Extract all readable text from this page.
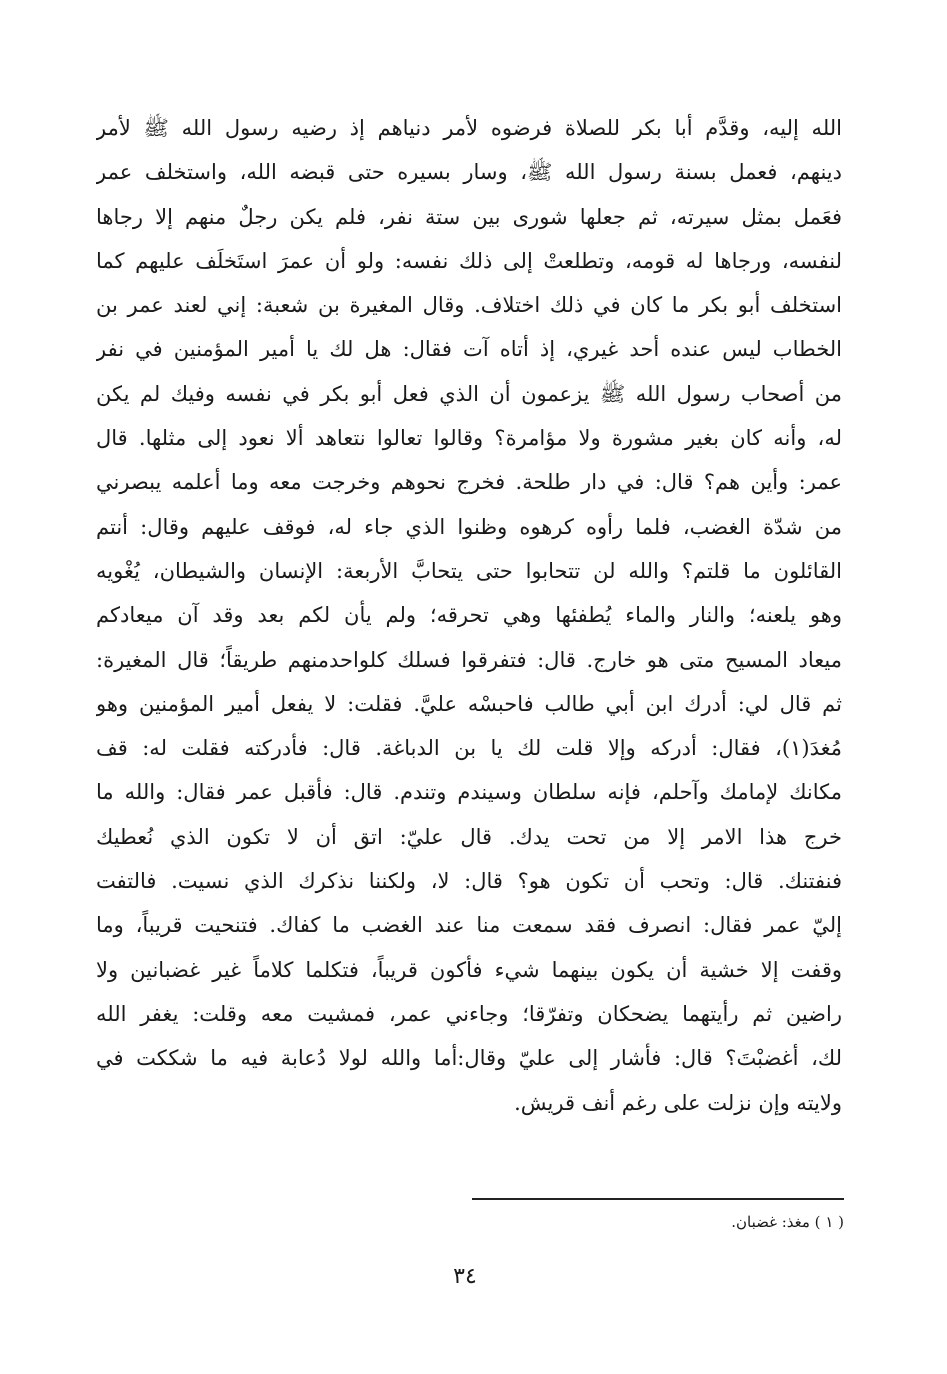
الله إليه، وقدَّم أبا بكر للصلاة فرضوه لأمر دنياهم إذ رضيه رسول الله ﷺ لأمر
دينهم، فعمل بسنة رسول الله ﷺ، وسار بسيره حتى قبضه الله، واستخلف عمر
فعَمل بمثل سيرته، ثم جعلها شورى بين ستة نفر، فلم يكن رجلٌ منهم إلا رجاها
لنفسه، ورجاها له قومه، وتطلعتْ إلى ذلك نفسه: ولو أن عمرَ استَخلَف عليهم كما
استخلف أبو بكر ما كان في ذلك اختلاف. وقال المغيرة بن شعبة: إني لعند عمر بن
الخطاب ليس عنده أحد غيري، إذ أتاه آت فقال: هل لك يا أمير المؤمنين في نفر
من أصحاب رسول الله ﷺ يزعمون أن الذي فعل أبو بكر في نفسه وفيك لم يكن
له، وأنه كان بغير مشورة ولا مؤامرة؟ وقالوا تعالوا نتعاهد ألا نعود إلى مثلها. قال
عمر: وأين هم؟ قال: في دار طلحة. فخرج نحوهم وخرجت معه وما أعلمه يبصرني
من شدّة الغضب، فلما رأوه كرهوه وظنوا الذي جاء له، فوقف عليهم وقال: أنتم
القائلون ما قلتم؟ والله لن تتحابوا حتى يتحابَّ الأربعة: الإنسان والشيطان، يُغْويه
وهو يلعنه؛ والنار والماء يُطفئها وهي تحرقه؛ ولم يأن لكم بعد وقد آن ميعادكم
ميعاد المسيح متى هو خارج. قال: فتفرقوا فسلك كلواحدمنهم طريقاً؛ قال المغيرة:
ثم قال لي: أدرك ابن أبي طالب فاحبسْه عليَّ. فقلت: لا يفعل أمير المؤمنين وهو
مُغدَ(١)، فقال: أدركه وإلا قلت لك يا بن الدباغة. قال: فأدركته فقلت له: قف
مكانك لإمامك وآحلم، فإنه سلطان وسيندم وتندم. قال: فأقبل عمر فقال: والله ما
خرج هذا الامر إلا من تحت يدك. قال عليّ: اتق أن لا تكون الذي نُعطيك
فنفتنك. قال: وتحب أن تكون هو؟ قال: لا، ولكننا نذكرك الذي نسيت. فالتفت
إليّ عمر فقال: انصرف فقد سمعت منا عند الغضب ما كفاك. فتنحيت قريباً، وما
وقفت إلا خشية أن يكون بينهما شيء فأكون قريباً، فتكلما كلاماً غير غضبانين ولا
راضين ثم رأيتهما يضحكان وتفرّقا؛ وجاءني عمر، فمشيت معه وقلت: يغفر الله
لك، أغضبْتَ؟ قال: فأشار إلى عليّ وقال:أما والله لولا دُعابة فيه ما شككت في
ولايته وإن نزلت على رغم أنف قريش.
( ١ ) مغذ: غضبان.
٣٤
